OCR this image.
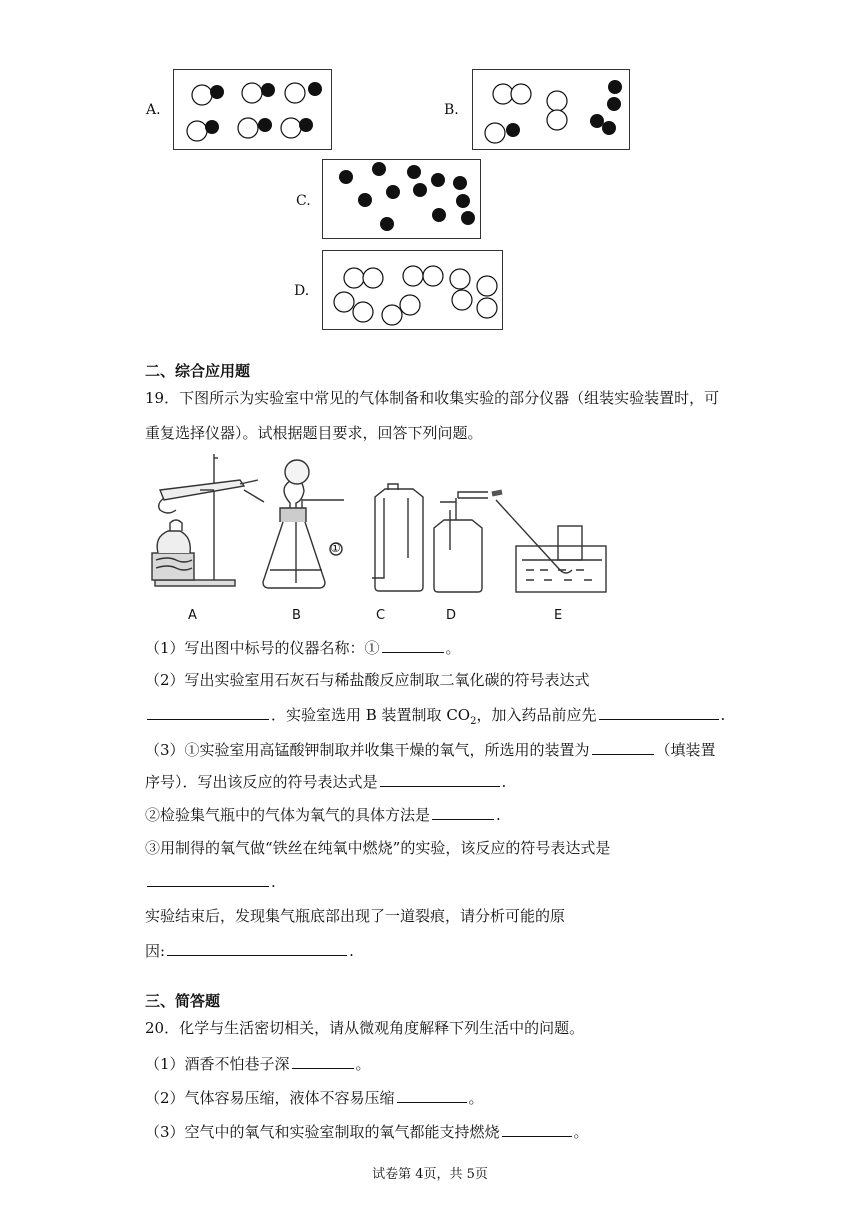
A.	B.
C.
D.
二、综合应用题
19．下图所示为实验室中常见的气体制备和收集实验的部分仪器（组装实验装置时，可
重复选择仪器）。试根据题目要求，回答下列问题。
A	B	C	D	E
①
（1）写出图中标号的仪器名称：①	。
（2）写出实验室用石灰石与稀盐酸反应制取二氧化碳的符号表达式
．实验室选用 B 装置制取 $CO_2$，加入药品前应先	.
（3）①实验室用高锰酸钾制取并收集干燥的氧气，所选用的装置为	（填装置
序号）．写出该反应的符号表达式是	.
②检验集气瓶中的气体为氧气的具体方法是	.
③用制得的氧气做“铁丝在纯氧中燃烧”的实验，该反应的符号表达式是
.
实验结束后，发现集气瓶底部出现了一道裂痕，请分析可能的原
因:	.
三、简答题
20．化学与生活密切相关，请从微观角度解释下列生活中的问题。
（1）酒香不怕巷子深	。
（2）气体容易压缩，液体不容易压缩	。
（3）空气中的氧气和实验室制取的氧气都能支持燃烧	。
试卷第 4页，共 5页
